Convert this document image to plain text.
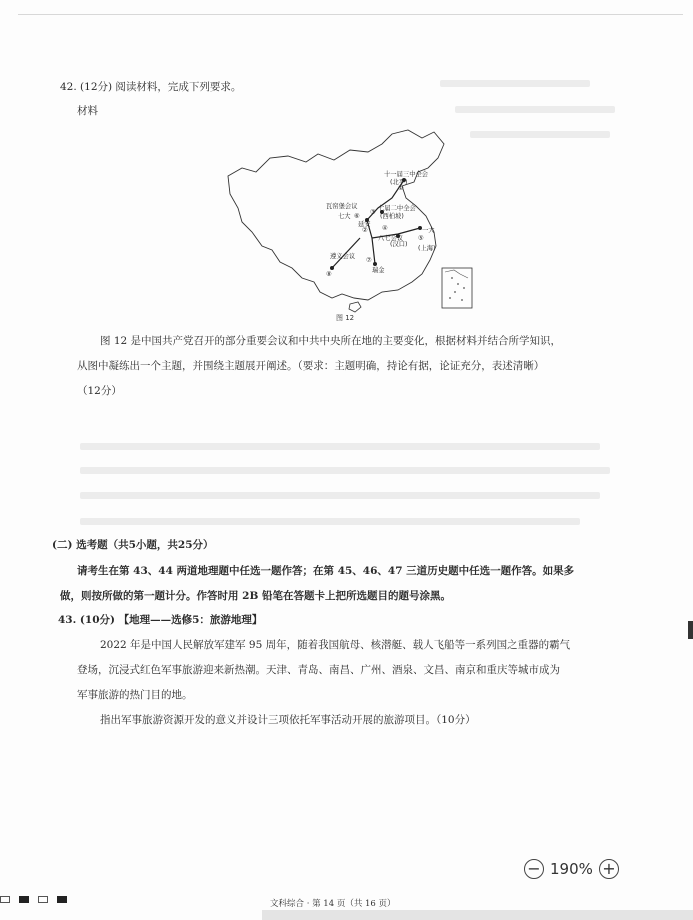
42. (12分) 阅读材料，完成下列要求。
材料
十一届三中全会
(北平)
瓦窑堡会议
七大
延安
七届二中全会
(西柏坡)
八七会议
(汉口)
一大
(上海)
遵义会议
瑞金
①
②
③
④
⑤
⑥
⑦
⑧
图 12
图 12 是中国共产党召开的部分重要会议和中共中央所在地的主要变化，根据材料并结合所学知识，
从图中凝练出一个主题，并围绕主题展开阐述。（要求：主题明确，持论有据，论证充分，表述清晰）
（12分）
(二) 选考题（共5小题，共25分）
请考生在第 43、44 两道地理题中任选一题作答；在第 45、46、47 三道历史题中任选一题作答。如果多
做，则按所做的第一题计分。作答时用 2B 铅笔在答题卡上把所选题目的题号涂黑。
43. (10分) 【地理——选修5：旅游地理】
2022 年是中国人民解放军建军 95 周年，随着我国航母、核潜艇、载人飞船等一系列国之重器的霸气
登场，沉浸式红色军事旅游迎来新热潮。天津、青岛、南昌、广州、酒泉、文昌、南京和重庆等城市成为
军事旅游的热门目的地。
指出军事旅游资源开发的意义并设计三项依托军事活动开展的旅游项目。（10分）
− 190% +
文科综合 · 第 14 页（共 16 页）
